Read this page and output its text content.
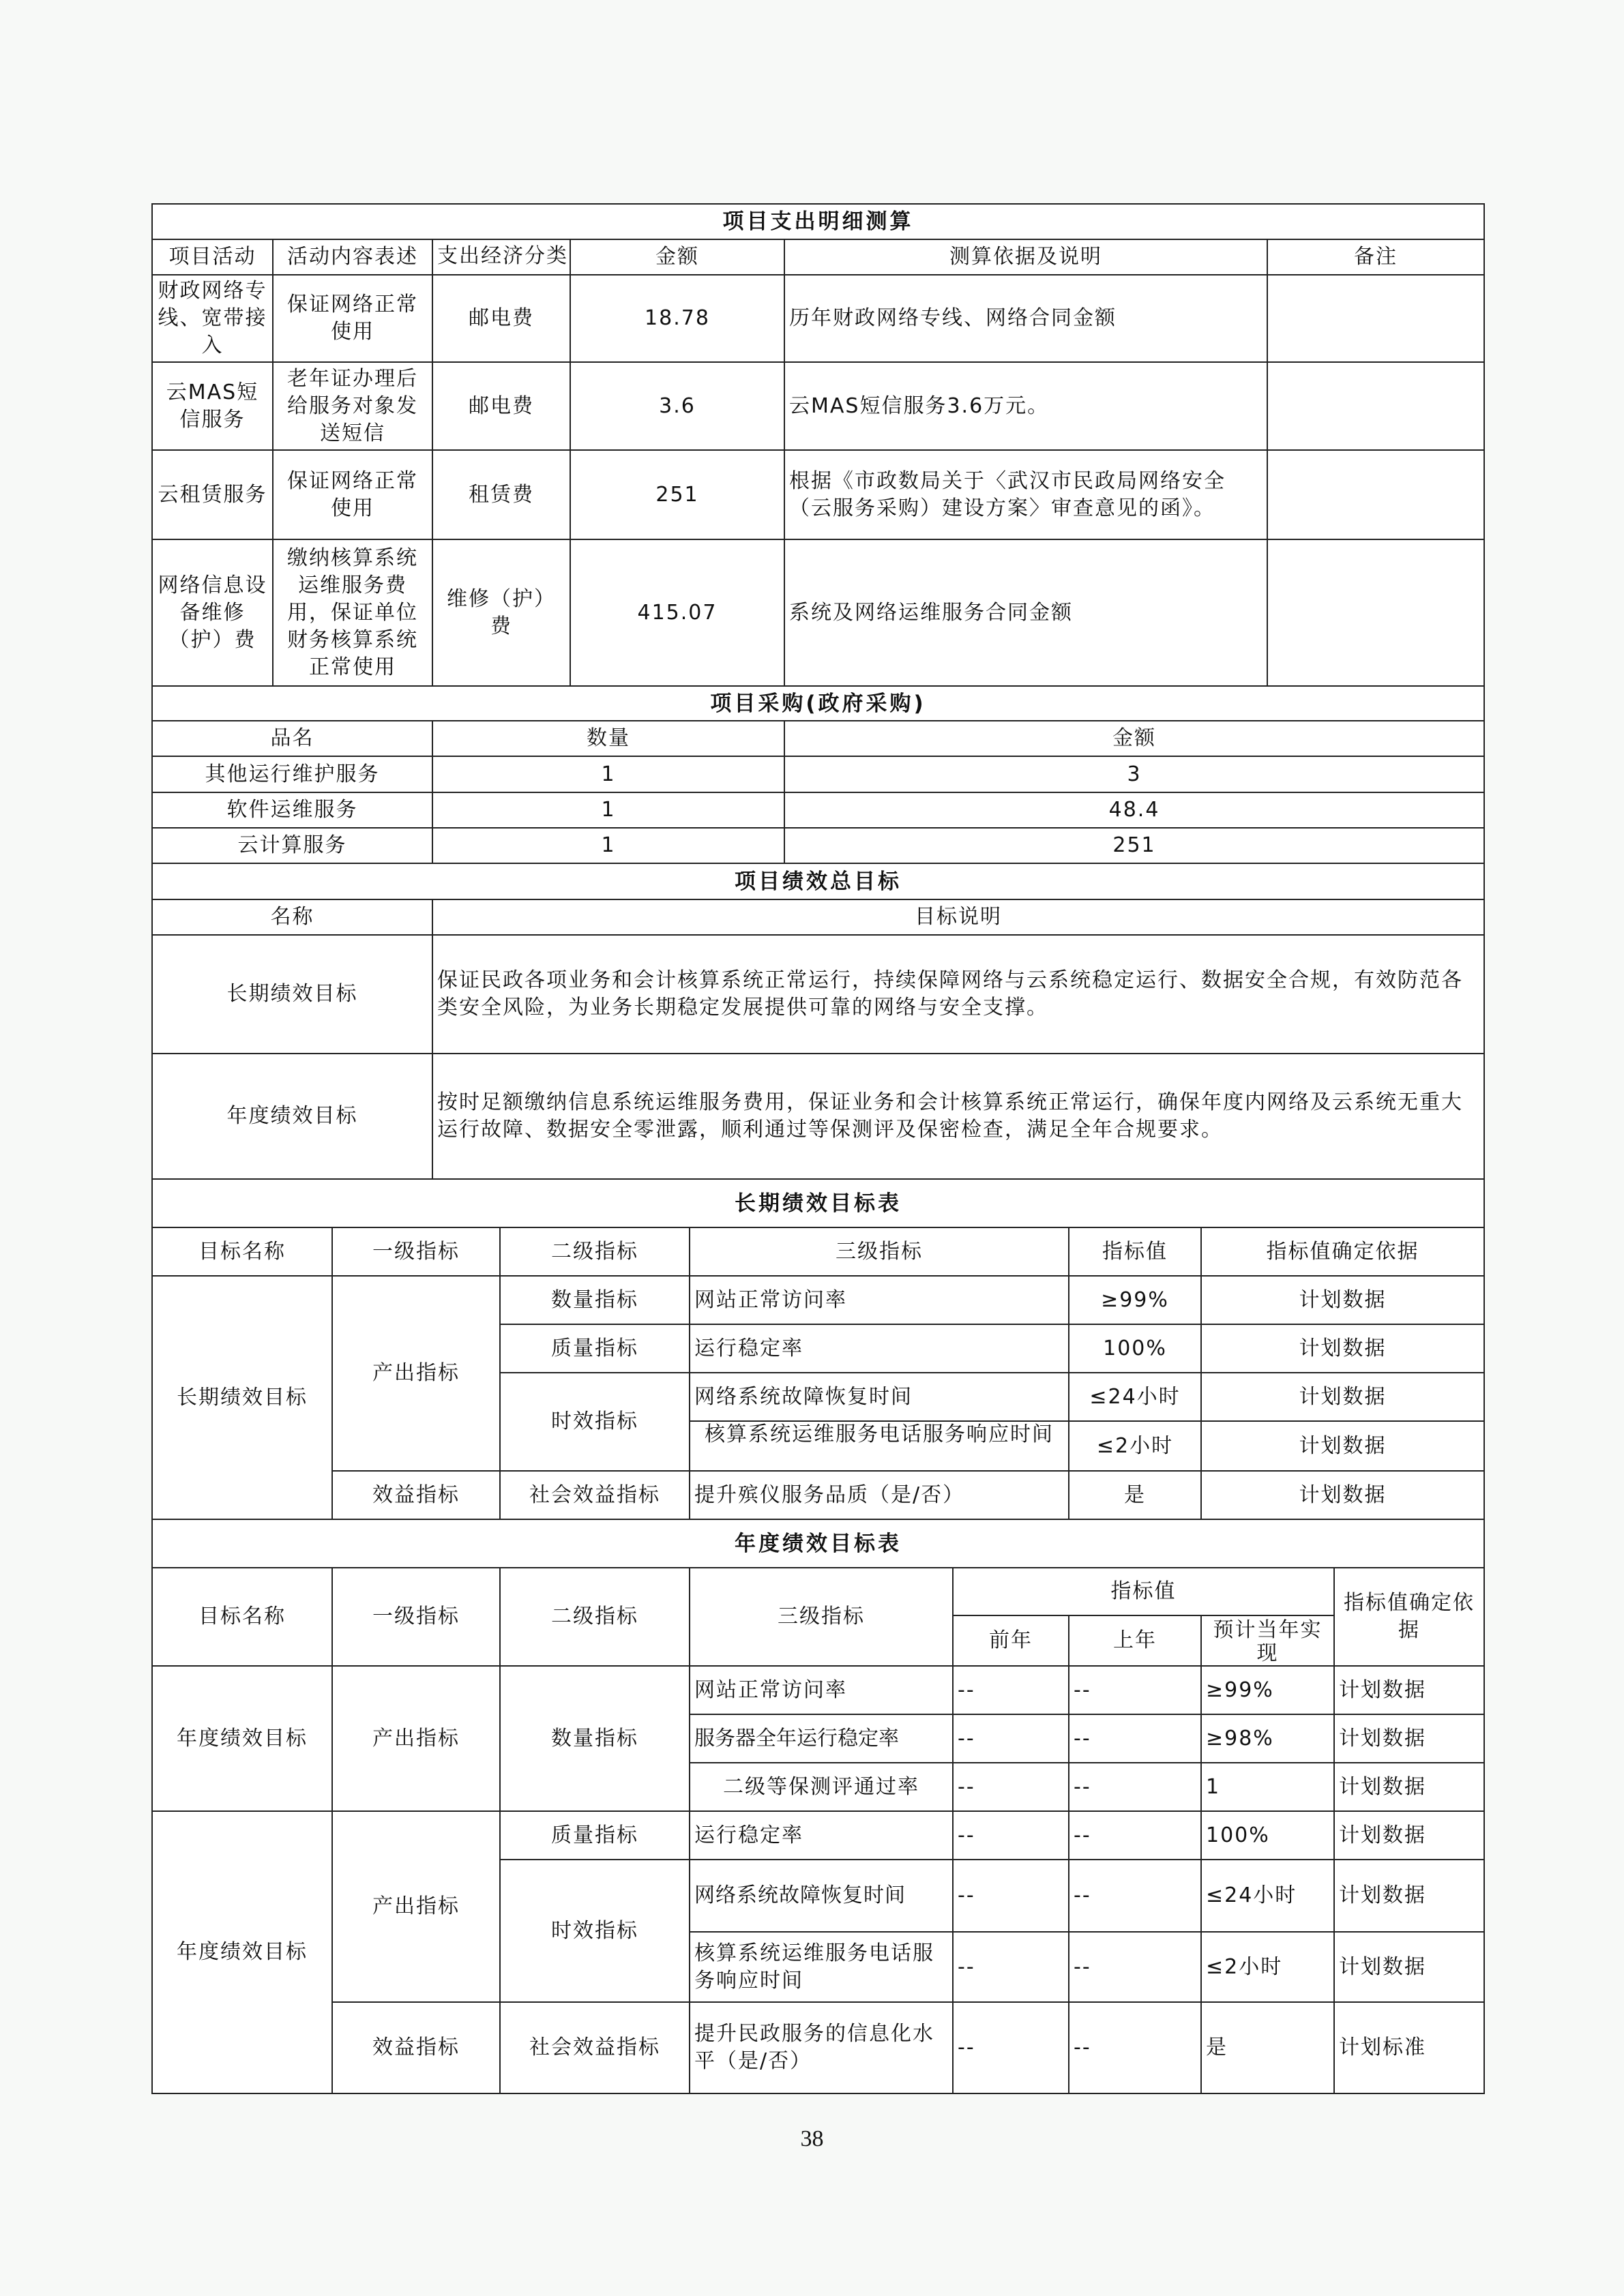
项目支出明细测算					
项目活动	活动内容表述	支出经济分类	金额	测算依据及说明	备注
财政网络专线、宽带接入	保证网络正常使用	邮电费	18.78	历年财政网络专线、网络合同金额	
云MAS短信服务	老年证办理后给服务对象发送短信	邮电费	3.6	云MAS短信服务3.6万元。	
云租赁服务	保证网络正常使用	租赁费	251	根据《市政数局关于〈武汉市民政局网络安全（云服务采购）建设方案〉审查意见的函》。	
网络信息设备维修（护）费	缴纳核算系统运维服务费用，保证单位财务核算系统正常使用	维修（护）费	415.07	系统及网络运维服务合同金额	
项目采购(政府采购)		
品名	数量	金额
其他运行维护服务	1	3
软件运维服务	1	48.4
云计算服务	1	251
项目绩效总目标	
名称	目标说明
长期绩效目标	保证民政各项业务和会计核算系统正常运行，持续保障网络与云系统稳定运行、数据安全合规，有效防范各类安全风险，为业务长期稳定发展提供可靠的网络与安全支撑。
年度绩效目标	按时足额缴纳信息系统运维服务费用，保证业务和会计核算系统正常运行，确保年度内网络及云系统无重大运行故障、数据安全零泄露，顺利通过等保测评及保密检查，满足全年合规要求。
长期绩效目标表					
目标名称	一级指标	二级指标	三级指标	指标值	指标值确定依据
长期绩效目标	产出指标	数量指标	网站正常访问率	≥99%	计划数据
		质量指标	运行稳定率	100%	计划数据
		时效指标	网络系统故障恢复时间	≤24小时	计划数据
			核算系统运维服务电话服务响应时间	≤2小时	计划数据
	效益指标	社会效益指标	提升殡仪服务品质（是/否）	是	计划数据
年度绩效目标表							
目标名称	一级指标	二级指标	三级指标	指标值			指标值确定依据
				前年	上年	预计当年实现	
年度绩效目标	产出指标	数量指标	网站正常访问率	--	--	≥99%	计划数据
			服务器全年运行稳定率	--	--	≥98%	计划数据
			二级等保测评通过率	--	--	1	计划数据
年度绩效目标	产出指标	质量指标	运行稳定率	--	--	100%	计划数据
		时效指标	网络系统故障恢复时间	--	--	≤24小时	计划数据
			核算系统运维服务电话服务响应时间	--	--	≤2小时	计划数据
	效益指标	社会效益指标	提升民政服务的信息化水平（是/否）	--	--	是	计划标准
38
